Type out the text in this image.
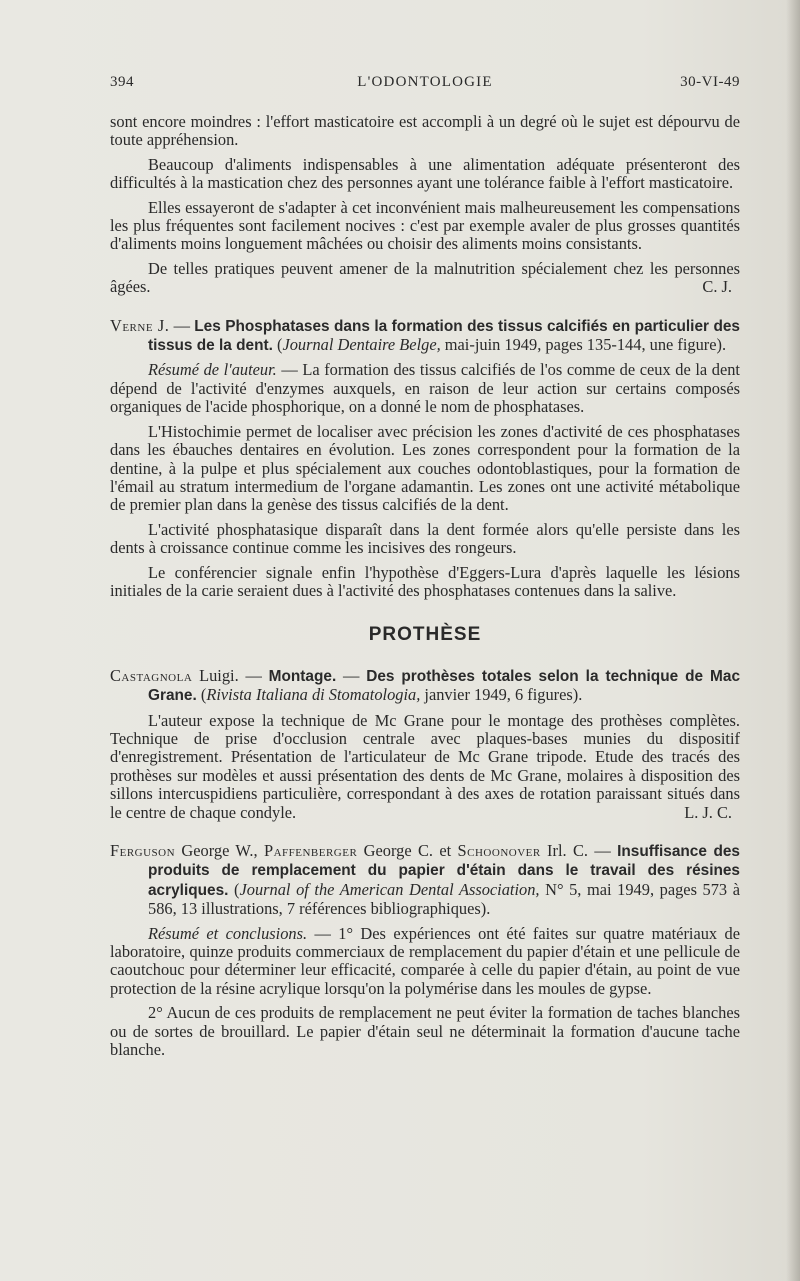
394	L'ODONTOLOGIE	30-VI-49

sont encore moindres : l'effort masticatoire est accompli à un degré où le sujet est dépourvu de toute appréhension.

Beaucoup d'aliments indispensables à une alimentation adéquate présenteront des difficultés à la mastication chez des personnes ayant une tolérance faible à l'effort masticatoire.

Elles essayeront de s'adapter à cet inconvénient mais malheureusement les compensations les plus fréquentes sont facilement nocives : c'est par exemple avaler de plus grosses quantités d'aliments moins longuement mâchées ou choisir des aliments moins consistants.

De telles pratiques peuvent amener de la malnutrition spécialement chez les personnes âgées.	C. J.

Verne J. — Les Phosphatases dans la formation des tissus calcifiés en particulier des tissus de la dent. (Journal Dentaire Belge, mai-juin 1949, pages 135-144, une figure).

Résumé de l'auteur. — La formation des tissus calcifiés de l'os comme de ceux de la dent dépend de l'activité d'enzymes auxquels, en raison de leur action sur certains composés organiques de l'acide phosphorique, on a donné le nom de phosphatases.

L'Histochimie permet de localiser avec précision les zones d'activité de ces phosphatases dans les ébauches dentaires en évolution. Les zones correspondent pour la formation de la dentine, à la pulpe et plus spécialement aux couches odontoblastiques, pour la formation de l'émail au stratum intermedium de l'organe adamantin. Les zones ont une activité métabolique de premier plan dans la genèse des tissus calcifiés de la dent.

L'activité phosphatasique disparaît dans la dent formée alors qu'elle persiste dans les dents à croissance continue comme les incisives des rongeurs.

Le conférencier signale enfin l'hypothèse d'Eggers-Lura d'après laquelle les lésions initiales de la carie seraient dues à l'activité des phosphatases contenues dans la salive.

PROTHÈSE

Castagnola Luigi. — Montage. — Des prothèses totales selon la technique de Mac Grane. (Rivista Italiana di Stomatologia, janvier 1949, 6 figures).

L'auteur expose la technique de Mc Grane pour le montage des prothèses complètes. Technique de prise d'occlusion centrale avec plaques-bases munies du dispositif d'enregistrement. Présentation de l'articulateur de Mc Grane tripode. Etude des tracés des prothèses sur modèles et aussi présentation des dents de Mc Grane, molaires à disposition des sillons intercuspidiens particulière, correspondant à des axes de rotation paraissant situés dans le centre de chaque condyle.	L. J. C.

Ferguson George W., Paffenberger George C. et Schoonover Irl. C. — Insuffisance des produits de remplacement du papier d'étain dans le travail des résines acryliques. (Journal of the American Dental Association, N° 5, mai 1949, pages 573 à 586, 13 illustrations, 7 références bibliographiques).

Résumé et conclusions. — 1° Des expériences ont été faites sur quatre matériaux de laboratoire, quinze produits commerciaux de remplacement du papier d'étain et une pellicule de caoutchouc pour déterminer leur efficacité, comparée à celle du papier d'étain, au point de vue protection de la résine acrylique lorsqu'on la polymérise dans les moules de gypse.

2° Aucun de ces produits de remplacement ne peut éviter la formation de taches blanches ou de sortes de brouillard. Le papier d'étain seul ne déterminait la formation d'aucune tache blanche.
